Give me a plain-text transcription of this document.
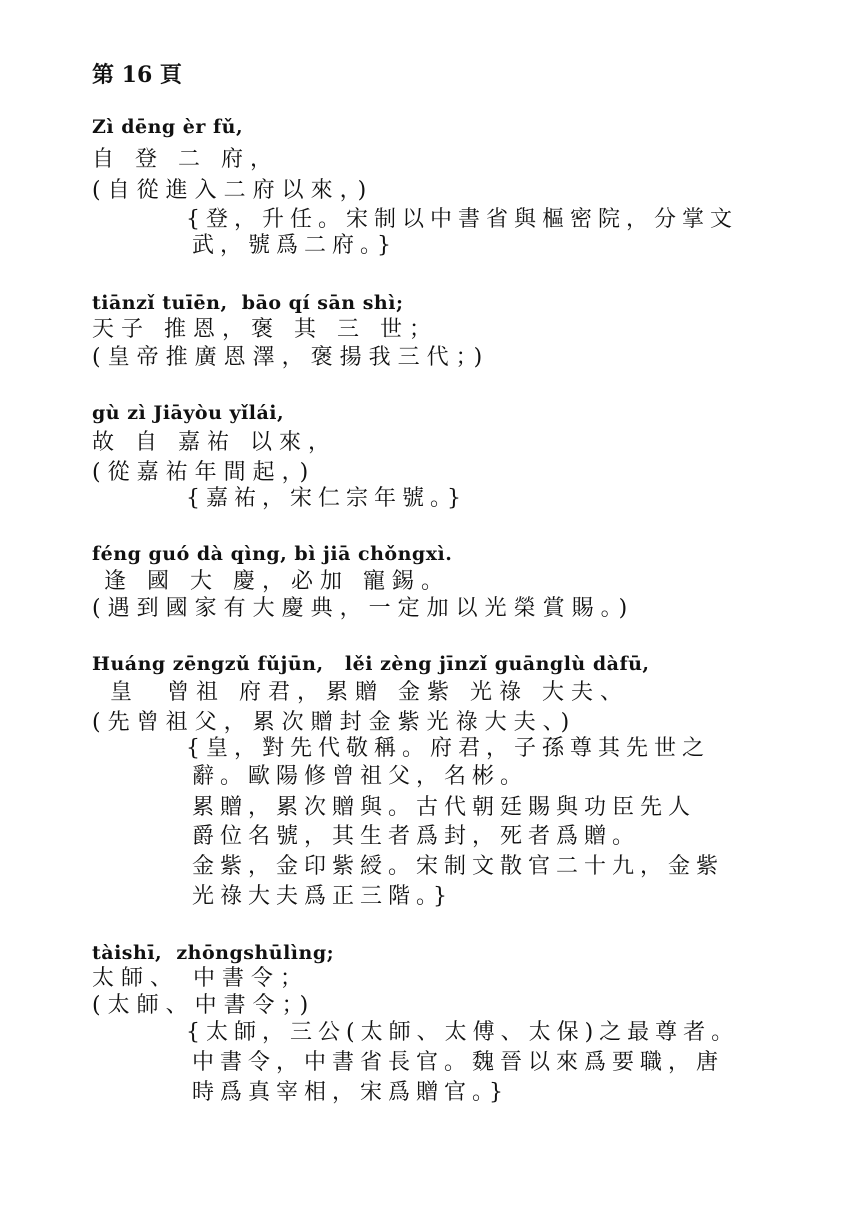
第 16 頁
Zì dēng èr fǔ,
自 登 二 府，
(自從進入二府以來，)
{登，升任。宋制以中書省與樞密院，分掌文
武，號爲二府。}
tiānzǐ tuīēn,  bāo qí sān shì;
天子 推恩，褒 其 三 世；
(皇帝推廣恩澤，褒揚我三代；)
gù zì Jiāyòu yǐlái,
故 自 嘉祐 以來，
(從嘉祐年間起，)
{嘉祐，宋仁宗年號。}
féng guó dà qìng, bì jiā chǒngxì.
逢 國 大 慶，必加 寵錫。
(遇到國家有大慶典，一定加以光榮賞賜。)
Huáng zēngzǔ fǔjūn,   lěi zèng jīnzǐ guānglù dàfū,
皇  曾祖 府君，累贈 金紫 光祿 大夫、
(先曾祖父，累次贈封金紫光祿大夫、)
{皇，對先代敬稱。府君，子孫尊其先世之
辭。歐陽修曾祖父，名彬。
累贈，累次贈與。古代朝廷賜與功臣先人
爵位名號，其生者爲封，死者爲贈。
金紫，金印紫綬。宋制文散官二十九，金紫
光祿大夫爲正三階。}
tàishī,  zhōngshūlìng;
太師、 中書令；
(太師、中書令；)
{太師，三公(太師、太傅、太保)之最尊者。
中書令，中書省長官。魏晉以來爲要職，唐
時爲真宰相，宋爲贈官。}
